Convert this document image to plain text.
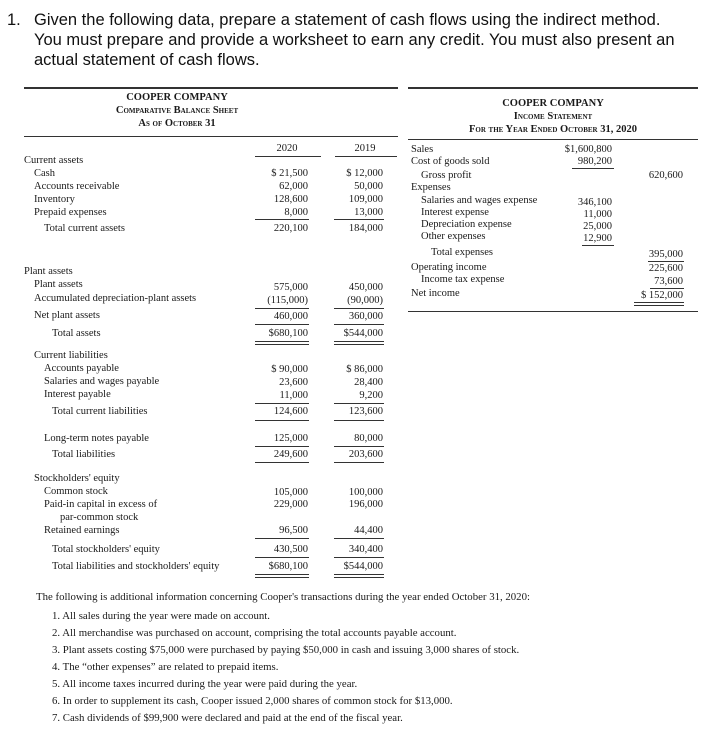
1. Given the following data, prepare a statement of cash flows using the indirect method.
You must prepare and provide a worksheet to earn any credit. You must also present an
actual statement of cash flows.
COOPER COMPANY
Comparative Balance Sheet
As of October 31
2020	2019
Current assets
Cash	$ 21,500	$ 12,000
Accounts receivable	62,000	50,000
Inventory	128,600	109,000
Prepaid expenses	8,000	13,000
Total current assets	220,100	184,000
Plant assets
Plant assets	575,000	450,000
Accumulated depreciation-plant assets	(115,000)	(90,000)
Net plant assets	460,000	360,000
Total assets	$680,100	$544,000
Current liabilities
Accounts payable	$ 90,000	$ 86,000
Salaries and wages payable	23,600	28,400
Interest payable	11,000	9,200
Total current liabilities	124,600	123,600
Long-term notes payable	125,000	80,000
Total liabilities	249,600	203,600
Stockholders' equity
Common stock	105,000	100,000
Paid-in capital in excess of	229,000	196,000
par-common stock
Retained earnings	96,500	44,400
Total stockholders' equity	430,500	340,400
Total liabilities and stockholders' equity	$680,100	$544,000
COOPER COMPANY
Income Statement
For the Year Ended October 31, 2020
Sales	$1,600,800
Cost of goods sold	980,200
Gross profit	620,600
Expenses
Salaries and wages expense	346,100
Interest expense	11,000
Depreciation expense	25,000
Other expenses	12,900
Total expenses	395,000
Operating income	225,600
Income tax expense	73,600
Net income	$ 152,000
The following is additional information concerning Cooper's transactions during the year ended October 31, 2020:
1. All sales during the year were made on account.
2. All merchandise was purchased on account, comprising the total accounts payable account.
3. Plant assets costing $75,000 were purchased by paying $50,000 in cash and issuing 3,000 shares of stock.
4. The “other expenses” are related to prepaid items.
5. All income taxes incurred during the year were paid during the year.
6. In order to supplement its cash, Cooper issued 2,000 shares of common stock for $13,000.
7. Cash dividends of $99,900 were declared and paid at the end of the fiscal year.
